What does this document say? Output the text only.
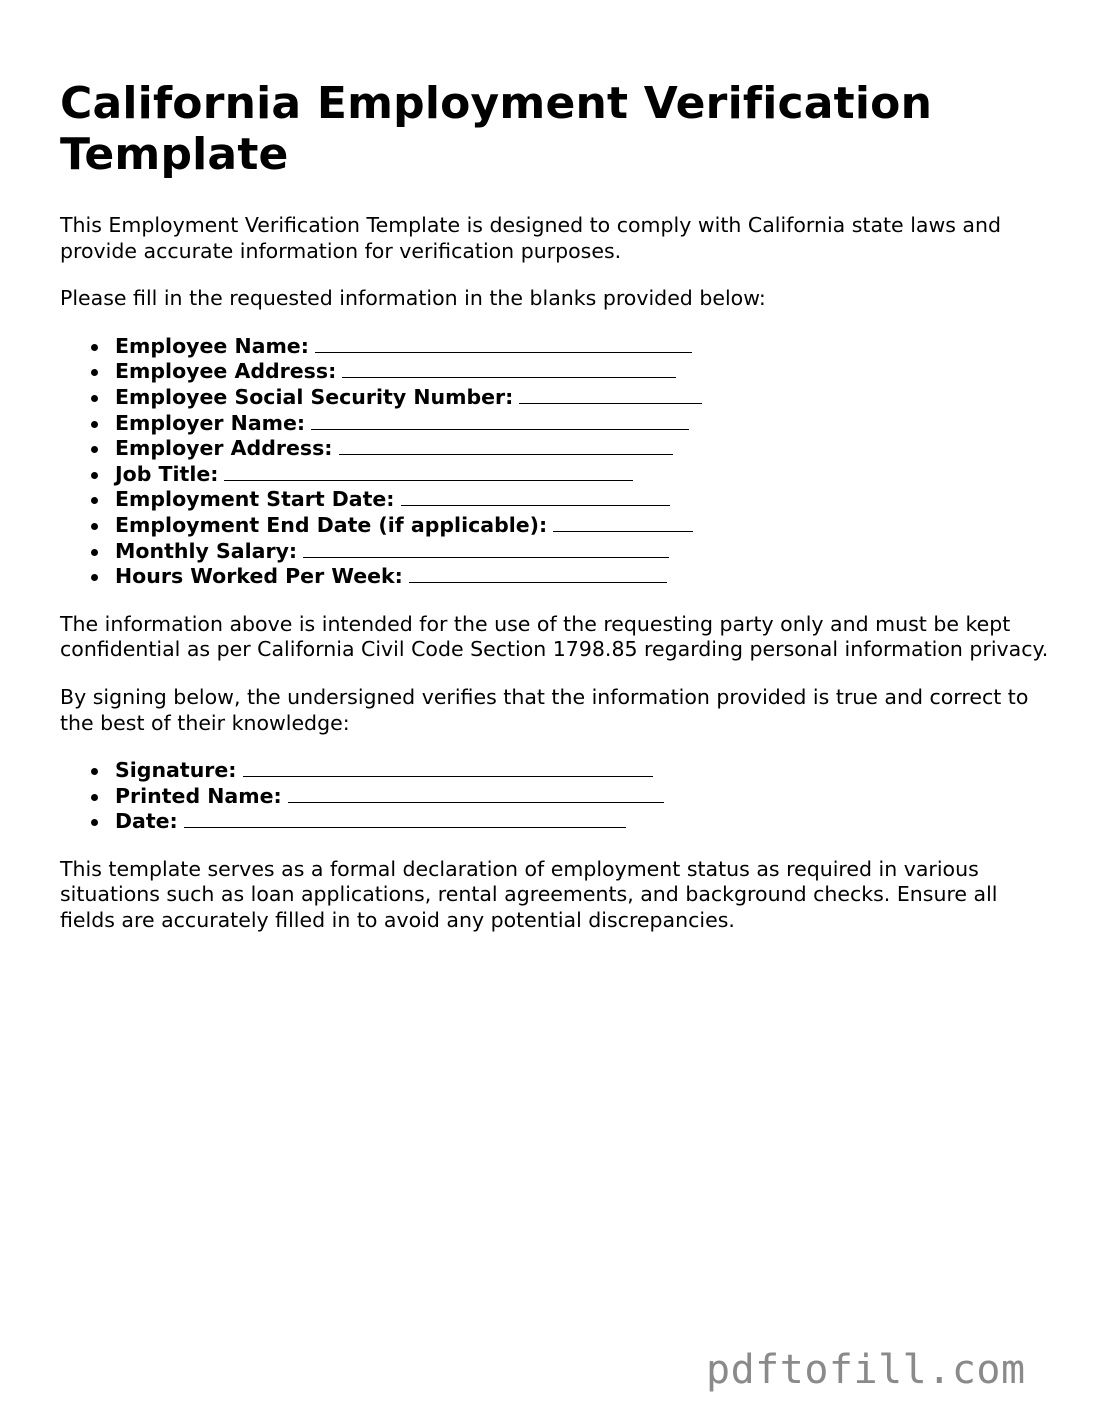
California Employment Verification Template

This Employment Verification Template is designed to comply with California state laws and provide accurate information for verification purposes.

Please fill in the requested information in the blanks provided below:

Employee Name:
Employee Address:
Employee Social Security Number:
Employer Name:
Employer Address:
Job Title:
Employment Start Date:
Employment End Date (if applicable):
Monthly Salary:
Hours Worked Per Week:

The information above is intended for the use of the requesting party only and must be kept confidential as per California Civil Code Section 1798.85 regarding personal information privacy.

By signing below, the undersigned verifies that the information provided is true and correct to the best of their knowledge:

Signature:
Printed Name:
Date:

This template serves as a formal declaration of employment status as required in various situations such as loan applications, rental agreements, and background checks. Ensure all fields are accurately filled in to avoid any potential discrepancies.

pdftofill.com
